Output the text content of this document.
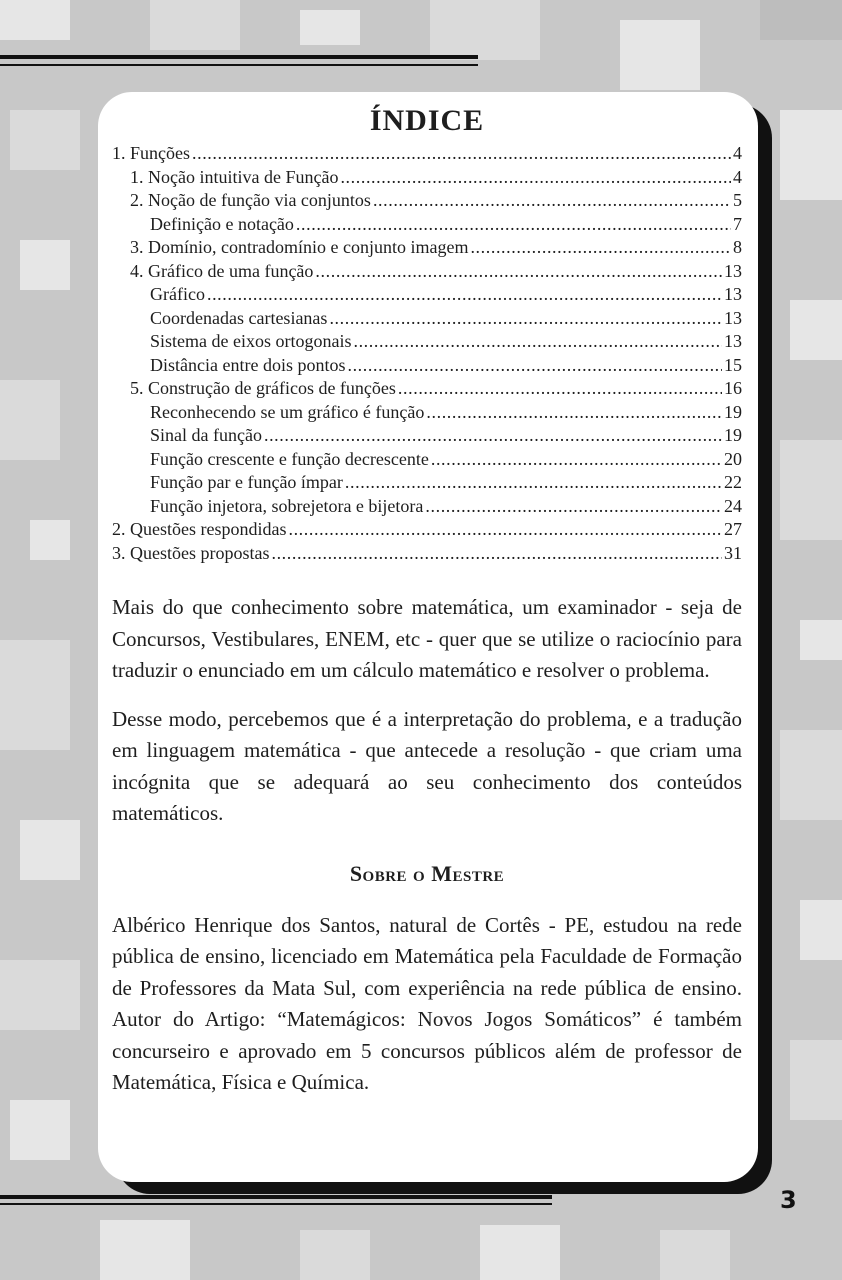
3
ÍNDICE
1. Funções .....	4
1. Noção intuitiva de Função .....	4
2. Noção de função via conjuntos .....	5
Definição e notação .....	7
3. Domínio, contradomínio e conjunto imagem .....	8
4. Gráfico de uma função .....	13
Gráfico .....	13
Coordenadas cartesianas .....	13
Sistema de eixos ortogonais .....	13
Distância entre dois pontos .....	15
5. Construção de gráficos de funções .....	16
Reconhecendo se um gráfico é função .....	19
Sinal da função .....	19
Função crescente e função decrescente .....	20
Função par e função ímpar .....	22
Função injetora, sobrejetora e bijetora .....	24
2. Questões respondidas .....	27
3. Questões propostas .....	31

Mais do que conhecimento sobre matemática, um examinador - seja de Concursos, Vestibulares, ENEM, etc - quer que se utilize o raciocínio para traduzir o enunciado em um cálculo matemático e resolver o problema.

Desse modo, percebemos que é a interpretação do problema, e a tradução em linguagem matemática - que antecede a resolução - que criam uma incógnita que se adequará ao seu conhecimento dos conteúdos matemáticos.

Sobre o Mestre

Albérico Henrique dos Santos, natural de Cortês - PE, estudou na rede pública de ensino, licenciado em Matemática pela Faculdade de Formação de Professores da Mata Sul, com experiência na rede pública de ensino. Autor do Artigo: “Matemágicos: Novos Jogos Somáticos” é também concurseiro e aprovado em 5 concursos públicos além de professor de Matemática, Física e Química.
